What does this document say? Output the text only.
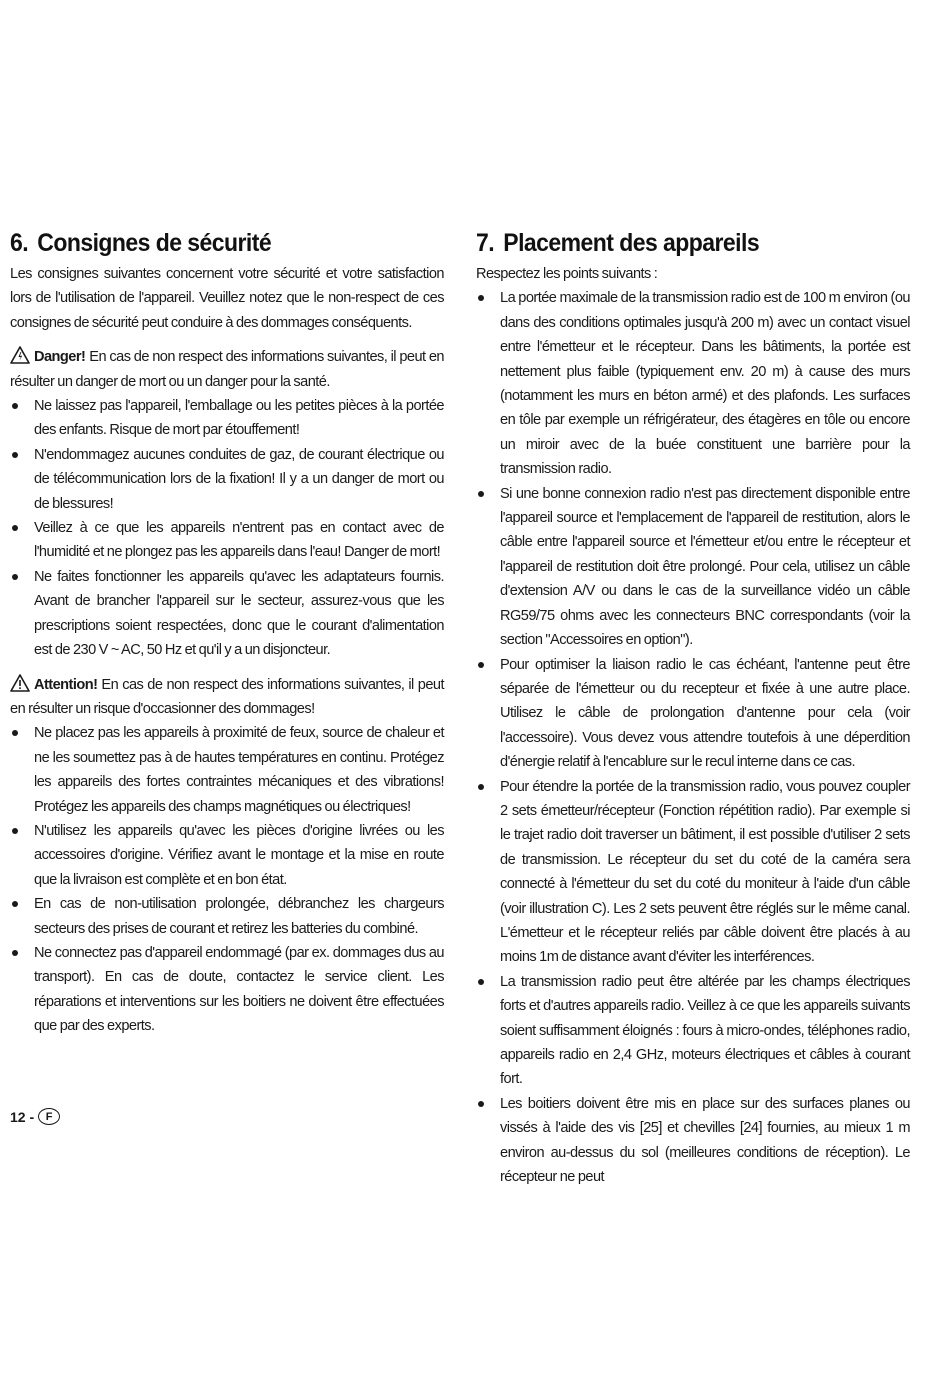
6. Consignes de sécurité

Les consignes suivantes concernent votre sécurité et votre satisfaction lors de l'utilisation de l'appareil. Veuillez notez que le non-respect de ces consignes de sécurité peut conduire à des dommages conséquents.

Danger! En cas de non respect des informations suivantes, il peut en résulter un danger de mort ou un danger pour la santé.

Ne laissez pas l'appareil, l'emballage ou les petites pièces à la portée des enfants. Risque de mort par étouffement!
N'endommagez aucunes conduites de gaz, de courant électrique ou de télécommunication lors de la fixation! Il y a un danger de mort ou de blessures!
Veillez à ce que les appareils n'entrent pas en contact avec de l'humidité et ne plongez pas les appareils dans l'eau! Danger de mort!
Ne faites fonctionner les appareils qu'avec les adaptateurs fournis. Avant de brancher l'appareil sur le secteur, assurez-vous que les prescriptions soient respectées, donc que le courant d'alimentation est de 230 V ~ AC, 50 Hz et qu'il y a un disjoncteur.

Attention! En cas de non respect des informations suivantes, il peut en résulter un risque d'occasionner des dommages!

Ne placez pas les appareils à proximité de feux, source de chaleur et ne les soumettez pas à de hautes températures en continu. Protégez les appareils des fortes contraintes mécaniques et des vibrations! Protégez les appareils des champs magnétiques ou électriques!
N'utilisez les appareils qu'avec les pièces d'origine livrées ou les accessoires d'origine. Vérifiez avant le montage et la mise en route que la livraison est complète et en bon état.
En cas de non-utilisation prolongée, débranchez les chargeurs secteurs des prises de courant et retirez les batteries du combiné.
Ne connectez pas d'appareil endommagé (par ex. dommages dus au transport). En cas de doute, contactez le service client. Les réparations et interventions sur les boitiers ne doivent être effectuées que par des experts.
7. Placement des appareils

Respectez les points suivants :

La portée maximale de la transmission radio est de 100 m environ (ou dans des conditions optimales jusqu'à 200 m) avec un contact visuel entre l'émetteur et le récepteur. Dans les bâtiments, la portée est nettement plus faible (typiquement env. 20 m) à cause des murs (notamment les murs en béton armé) et des plafonds. Les surfaces en tôle par exemple un réfrigérateur, des étagères en tôle ou encore un miroir avec de la buée constituent une barrière pour la transmission radio.
Si une bonne connexion radio n'est pas directement disponible entre l'appareil source et l'emplacement de l'appareil de restitution, alors le câble entre l'appareil source et l'émetteur et/ou entre le récepteur et l'appareil de restitution doit être prolongé. Pour cela, utilisez un câble d'extension A/V ou dans le cas de la surveillance vidéo un câble RG59/75 ohms avec les connecteurs BNC correspondants (voir la section "Accessoires en option").
Pour optimiser la liaison radio le cas échéant, l'antenne peut être séparée de l'émetteur ou du recepteur et fixée à une autre place. Utilisez le câble de prolongation d'antenne pour cela (voir l'accessoire). Vous devez vous attendre toutefois à une déperdition d'énergie relatif à l'encablure sur le recul interne dans ce cas.
Pour étendre la portée de la transmission radio, vous pouvez coupler 2 sets émetteur/récepteur (Fonction répétition radio). Par exemple si le trajet radio doit traverser un bâtiment, il est possible d'utiliser 2 sets de transmission. Le récepteur du set du coté de la caméra sera connecté à l'émetteur du set du coté du moniteur à l'aide d'un câble (voir illustration C). Les 2 sets peuvent être réglés sur le même canal. L'émetteur et le récepteur reliés par câble doivent être placés à au moins 1m de distance avant d'éviter les interférences.
La transmission radio peut être altérée par les champs électriques forts et d'autres appareils radio. Veillez à ce que les appareils suivants soient suffisamment éloignés : fours à micro-ondes, téléphones radio, appareils radio en 2,4 GHz, moteurs électriques et câbles à courant fort.
Les boitiers doivent être mis en place sur des surfaces planes ou vissés à l'aide des vis [25] et chevilles [24] fournies, au mieux 1 m environ au-dessus du sol (meilleures conditions de réception). Le récepteur ne peut
12 -	F
